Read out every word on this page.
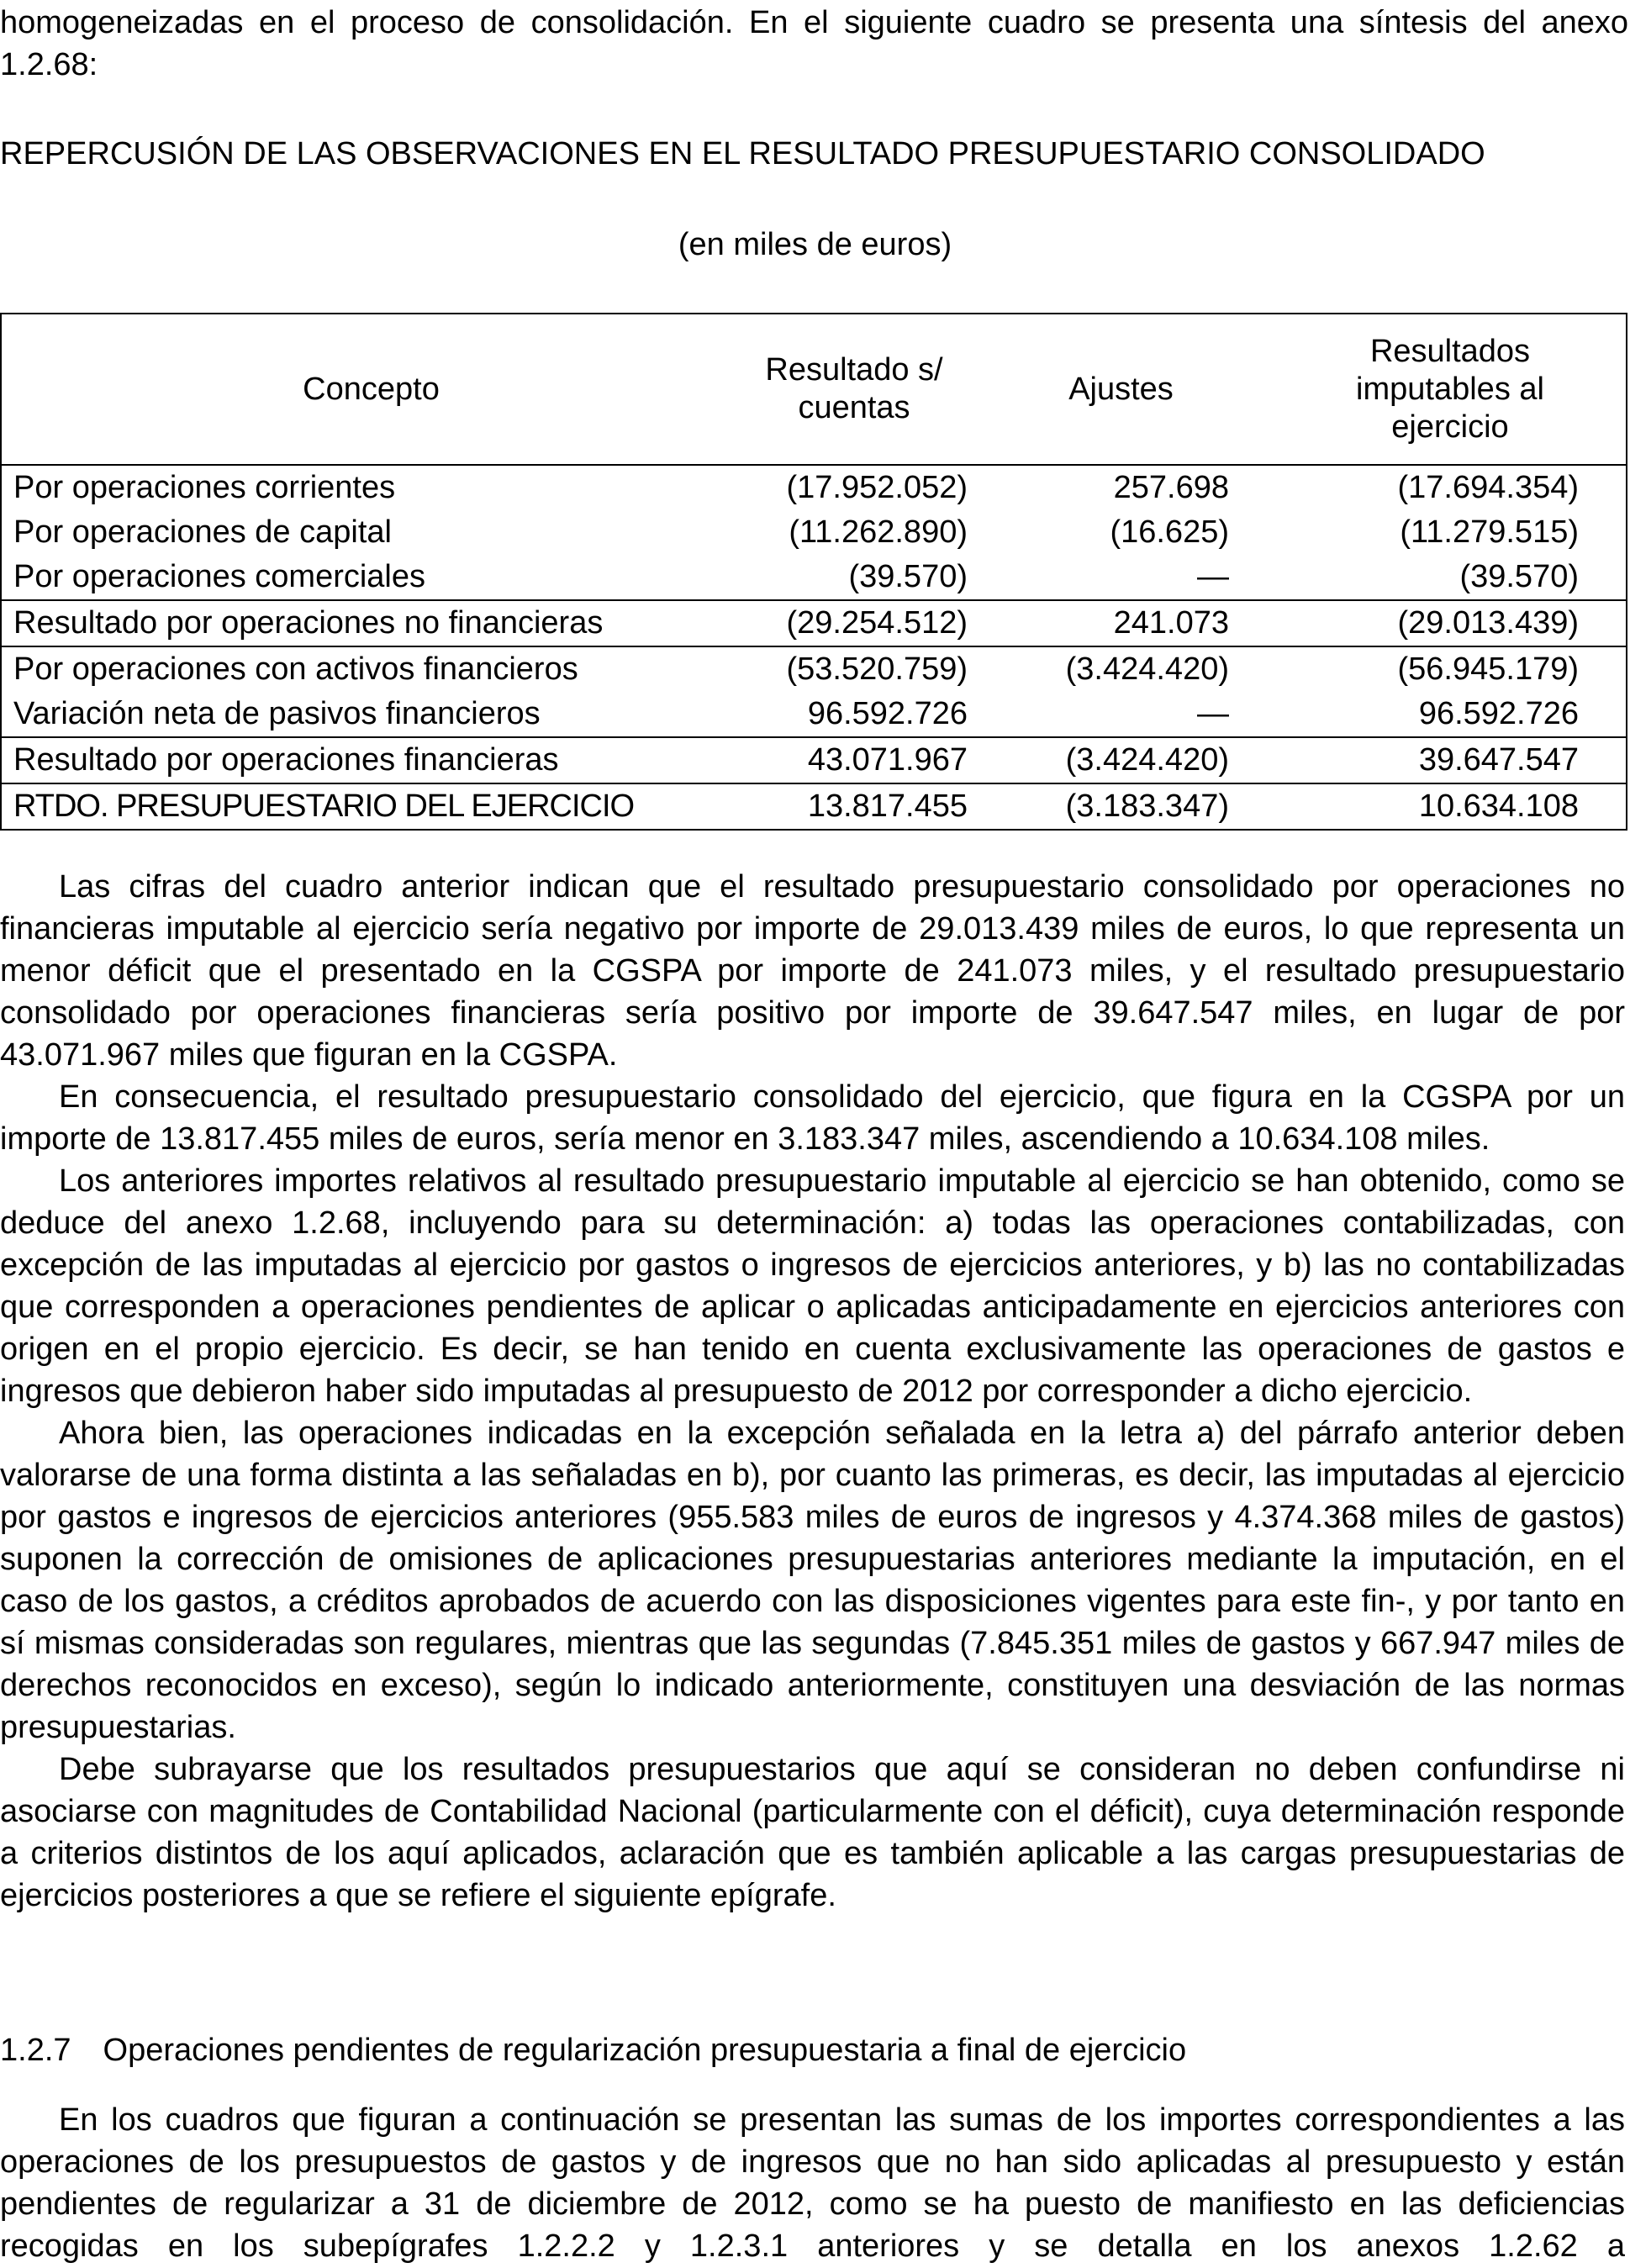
homogeneizadas en el proceso de consolidación. En el siguiente cuadro se presenta una síntesis del anexo 1.2.68:

REPERCUSIÓN DE LAS OBSERVACIONES EN EL RESULTADO PRESUPUESTARIO CONSOLIDADO
(en miles de euros)
Concepto	Resultado s/ cuentas	Ajustes	Resultados imputables al ejercicio

Por operaciones corrientes	(17.952.052)	257.698	(17.694.354)
Por operaciones de capital	(11.262.890)	(16.625)	(11.279.515)
Por operaciones comerciales	(39.570)	—	(39.570)
Resultado por operaciones no financieras	(29.254.512)	241.073	(29.013.439)
Por operaciones con activos financieros	(53.520.759)	(3.424.420)	(56.945.179)
Variación neta de pasivos financieros	96.592.726	—	96.592.726
Resultado por operaciones financieras	43.071.967	(3.424.420)	39.647.547
RTDO. PRESUPUESTARIO DEL EJERCICIO	13.817.455	(3.183.347)	10.634.108

Las cifras del cuadro anterior indican que el resultado presupuestario consolidado por operaciones no financieras imputable al ejercicio sería negativo por importe de 29.013.439 miles de euros, lo que representa un menor déficit que el presentado en la CGSPA por importe de 241.073 miles, y el resultado presupuestario consolidado por operaciones financieras sería positivo por importe de 39.647.547 miles, en lugar de por 43.071.967 miles que figuran en la CGSPA.

En consecuencia, el resultado presupuestario consolidado del ejercicio, que figura en la CGSPA por un importe de 13.817.455 miles de euros, sería menor en 3.183.347 miles, ascendiendo a 10.634.108 miles.

Los anteriores importes relativos al resultado presupuestario imputable al ejercicio se han obtenido, como se deduce del anexo 1.2.68, incluyendo para su determinación: a) todas las operaciones contabilizadas, con excepción de las imputadas al ejercicio por gastos o ingresos de ejercicios anteriores, y b) las no contabilizadas que corresponden a operaciones pendientes de aplicar o aplicadas anticipadamente en ejercicios anteriores con origen en el propio ejercicio. Es decir, se han tenido en cuenta exclusivamente las operaciones de gastos e ingresos que debieron haber sido imputadas al presupuesto de 2012 por corresponder a dicho ejercicio.

Ahora bien, las operaciones indicadas en la excepción señalada en la letra a) del párrafo anterior deben valorarse de una forma distinta a las señaladas en b), por cuanto las primeras, es decir, las imputadas al ejercicio por gastos e ingresos de ejercicios anteriores (955.583 miles de euros de ingresos y 4.374.368 miles de gastos) suponen la corrección de omisiones de aplicaciones presupuestarias anteriores mediante la imputación, en el caso de los gastos, a créditos aprobados de acuerdo con las disposiciones vigentes para este fin-, y por tanto en sí mismas consideradas son regulares, mientras que las segundas (7.845.351 miles de gastos y 667.947 miles de derechos reconocidos en exceso), según lo indicado anteriormente, constituyen una desviación de las normas presupuestarias.

Debe subrayarse que los resultados presupuestarios que aquí se consideran no deben confundirse ni asociarse con magnitudes de Contabilidad Nacional (particularmente con el déficit), cuya determinación responde a criterios distintos de los aquí aplicados, aclaración que es también aplicable a las cargas presupuestarias de ejercicios posteriores a que se refiere el siguiente epígrafe.

1.2.7 Operaciones pendientes de regularización presupuestaria a final de ejercicio

En los cuadros que figuran a continuación se presentan las sumas de los importes correspondientes a las operaciones de los presupuestos de gastos y de ingresos que no han sido aplicadas al presupuesto y están pendientes de regularizar a 31 de diciembre de 2012, como se ha puesto de manifiesto en las deficiencias recogidas en los subepígrafes 1.2.2.2 y 1.2.3.1 anteriores y se detalla en los anexos 1.2.62 a
